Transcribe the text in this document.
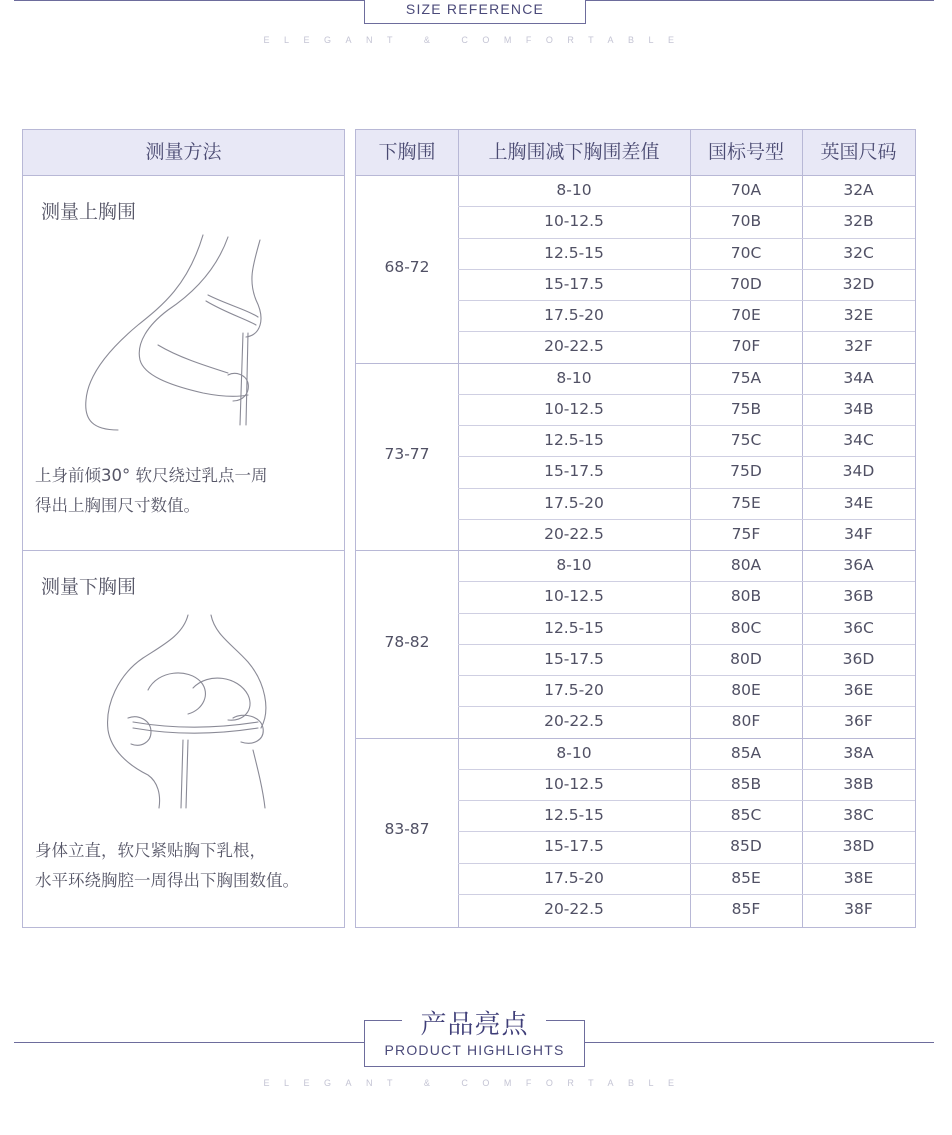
SIZE REFERENCE
ELEGANT & COMFORTABLE
测量方法
测量上胸围
上身前倾30° 软尺绕过乳点一周
得出上胸围尺寸数值。
测量下胸围
身体立直，软尺紧贴胸下乳根，
水平环绕胸腔一周得出下胸围数值。
下胸围	上胸围减下胸围差值	国标号型	英国尺码
68-72
8-10	70A	32A
10-12.5	70B	32B
12.5-15	70C	32C
15-17.5	70D	32D
17.5-20	70E	32E
20-22.5	70F	32F
73-77
8-10	75A	34A
10-12.5	75B	34B
12.5-15	75C	34C
15-17.5	75D	34D
17.5-20	75E	34E
20-22.5	75F	34F
78-82
8-10	80A	36A
10-12.5	80B	36B
12.5-15	80C	36C
15-17.5	80D	36D
17.5-20	80E	36E
20-22.5	80F	36F
83-87
8-10	85A	38A
10-12.5	85B	38B
12.5-15	85C	38C
15-17.5	85D	38D
17.5-20	85E	38E
20-22.5	85F	38F
产品亮点
PRODUCT HIGHLIGHTS
ELEGANT & COMFORTABLE
